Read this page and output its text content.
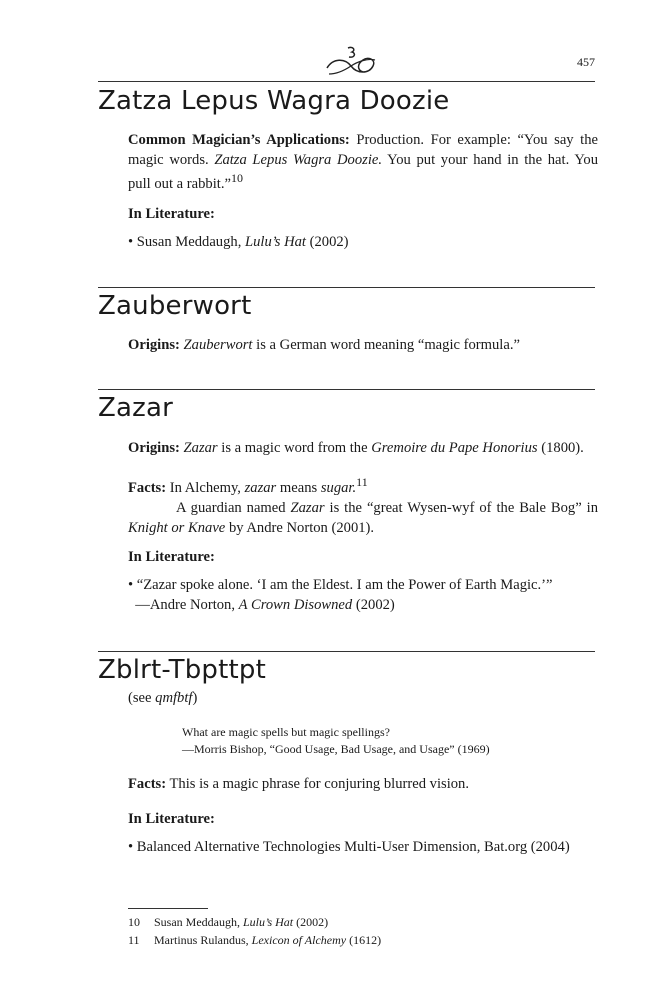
457
Zatza Lepus Wagra Doozie

Common Magician’s Applications: Production. For example: “You say the magic words. Zatza Lepus Wagra Doozie. You put your hand in the hat. You pull out a rabbit.”$^{10}$

In Literature:

• Susan Meddaugh, Lulu’s Hat (2002)

Zauberwort

Origins: Zauberwort is a German word meaning “magic formula.”

Zazar

Origins: Zazar is a magic word from the Gremoire du Pape Honorius (1800).

Facts: In Alchemy, zazar means sugar.$^{11}$
A guardian named Zazar is the “great Wysen-wyf of the Bale Bog” in Knight or Knave by Andre Norton (2001).

In Literature:

• “Zazar spoke alone. ‘I am the Eldest. I am the Power of Earth Magic.’”
—Andre Norton, A Crown Disowned (2002)

Zblrt-Tbpttpt

(see qmfbtf)

What are magic spells but magic spellings?
—Morris Bishop, “Good Usage, Bad Usage, and Usage” (1969)

Facts: This is a magic phrase for conjuring blurred vision.

In Literature:

• Balanced Alternative Technologies Multi-User Dimension, Bat.org (2004)

10 Susan Meddaugh, Lulu’s Hat (2002)
11 Martinus Rulandus, Lexicon of Alchemy (1612)
